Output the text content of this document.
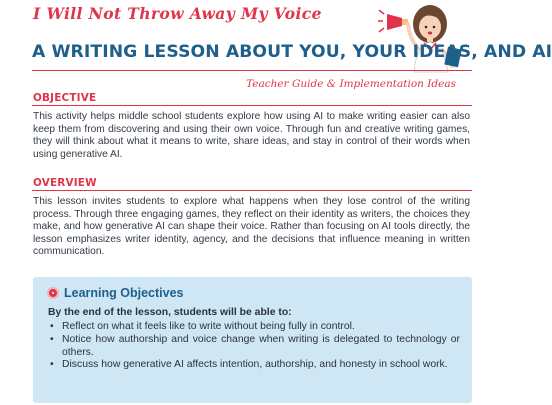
I Will Not Throw Away My Voice
A WRITING LESSON ABOUT YOU, YOUR IDEAS, AND AI
Teacher Guide & Implementation Ideas
OBJECTIVE
This activity helps middle school students explore how using AI to make writing easier can also keep them from discovering and using their own voice. Through fun and creative writing games, they will think about what it means to write, share ideas, and stay in control of their words when using generative AI.
OVERVIEW
This lesson invites students to explore what happens when they lose control of the writing process. Through three engaging games, they reflect on their identity as writers, the choices they make, and how generative AI can shape their voice. Rather than focusing on AI tools directly, the lesson emphasizes writer identity, agency, and the decisions that influence meaning in written communication.
Learning Objectives
By the end of the lesson, students will be able to:
• Reflect on what it feels like to write without being fully in control.
• Notice how authorship and voice change when writing is delegated to technology or others.
• Discuss how generative AI affects intention, authorship, and honesty in school work.
